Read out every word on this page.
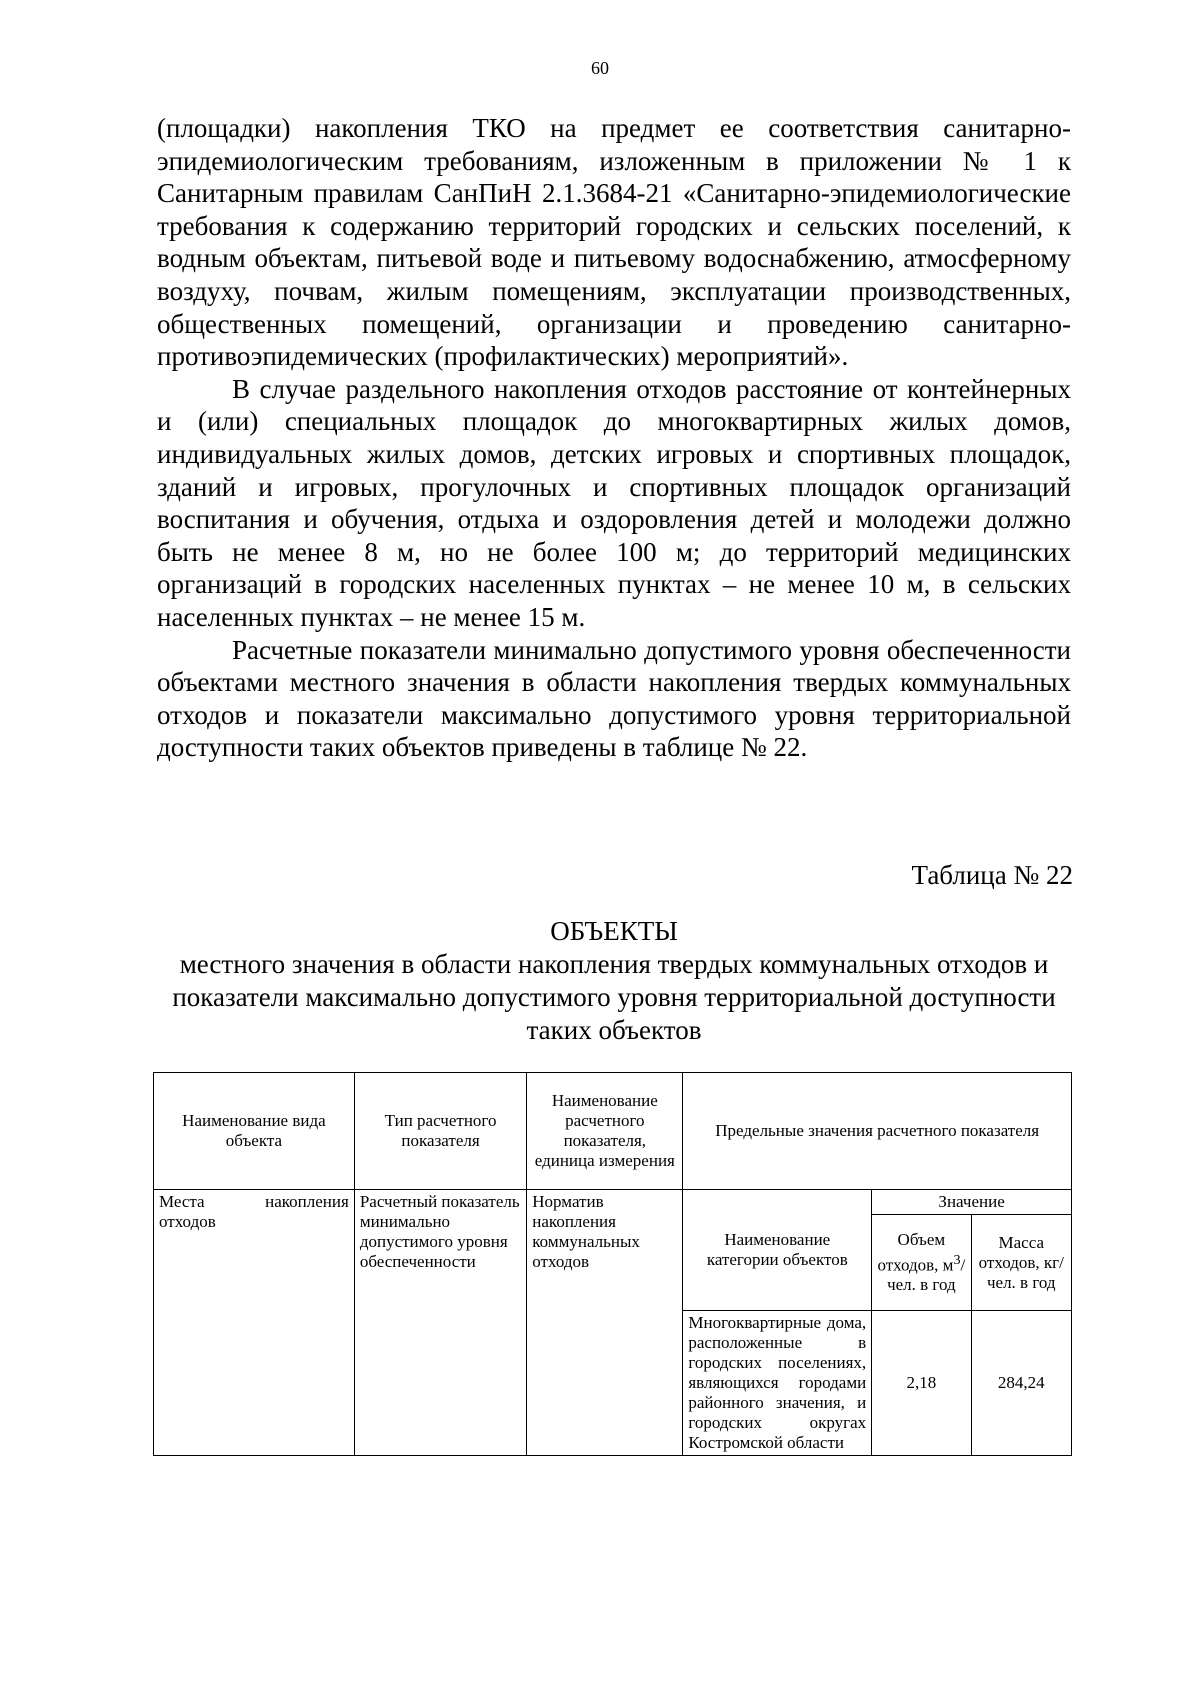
60

(площадки) накопления ТКО на предмет ее соответствия санитарно-эпидемиологическим требованиям, изложенным в приложении № 1 к Санитарным правилам СанПиН 2.1.3684-21 «Санитарно-эпидемиологические требования к содержанию территорий городских и сельских поселений, к водным объектам, питьевой воде и питьевому водоснабжению, атмосферному воздуху, почвам, жилым помещениям, эксплуатации производственных, общественных помещений, организации и проведению санитарно- противоэпидемических (профилактических) мероприятий».

В случае раздельного накопления отходов расстояние от контейнерных и (или) специальных площадок до многоквартирных жилых домов, индивидуальных жилых домов, детских игровых и спортивных площадок, зданий и игровых, прогулочных и спортивных площадок организаций воспитания и обучения, отдыха и оздоровления детей и молодежи должно быть не менее 8 м, но не более 100 м; до территорий медицинских организаций в городских населенных пунктах – не менее 10 м, в сельских населенных пунктах – не менее 15 м.

Расчетные показатели минимально допустимого уровня обеспеченности объектами местного значения в области накопления твердых коммунальных отходов и показатели максимально допустимого уровня территориальной доступности таких объектов приведены в таблице № 22.

Таблица № 22
ОБЪЕКТЫ
местного значения в области накопления твердых коммунальных отходов и показатели максимально допустимого уровня территориальной доступности таких объектов
Наименование вида объекта	Тип расчетного показателя	Наименование расчетного показателя, единица измерения	Предельные значения расчетного показателя		
Места накопления отходов	Расчетный показатель минимально допустимого уровня обеспеченности	Норматив накопления коммунальных отходов	Наименование категории объектов	Значение	
				Объем отходов, $м^3$/чел. в год	Масса отходов, кг/чел. в год
			Многоквартирные дома, расположенные в городских поселениях, являющихся городами районного значения, и городских округах Костромской области	2,18	284,24
